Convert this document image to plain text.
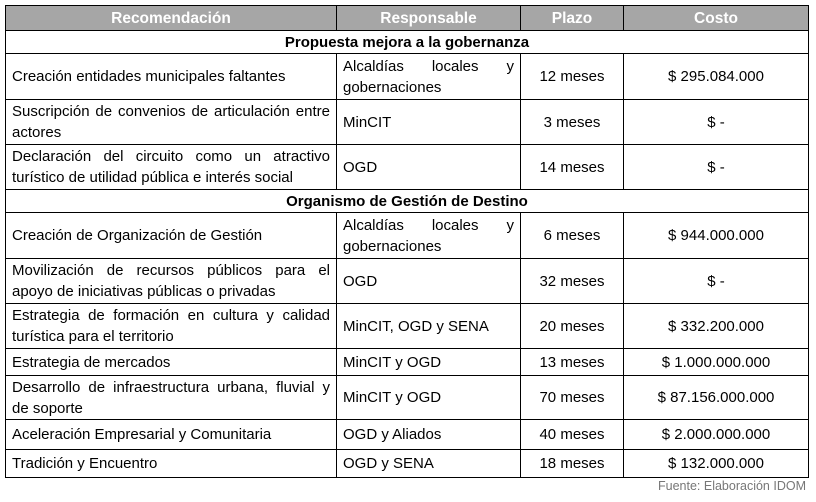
Recomendación	Responsable	Plazo	Costo
Propuesta mejora a la gobernanza			
Creación entidades municipales faltantes	Alcaldías locales y gobernaciones	12 meses	$ 295.084.000
Suscripción de convenios de articulación entre actores	MinCIT	3 meses	$ -
Declaración del circuito como un atractivo turístico de utilidad pública e interés social	OGD	14 meses	$ -
Organismo de Gestión de Destino			
Creación de Organización de Gestión	Alcaldías locales y gobernaciones	6 meses	$ 944.000.000
Movilización de recursos públicos para el apoyo de iniciativas públicas o privadas	OGD	32 meses	$ -
Estrategia de formación en cultura y calidad turística para el territorio	MinCIT, OGD y SENA	20 meses	$ 332.200.000
Estrategia de mercados	MinCIT y OGD	13 meses	$ 1.000.000.000
Desarrollo de infraestructura urbana, fluvial y de soporte	MinCIT y OGD	70 meses	$ 87.156.000.000
Aceleración Empresarial y Comunitaria	OGD y Aliados	40 meses	$ 2.000.000.000
Tradición y Encuentro	OGD y SENA	18 meses	$ 132.000.000
Fuente: Elaboración IDOM
